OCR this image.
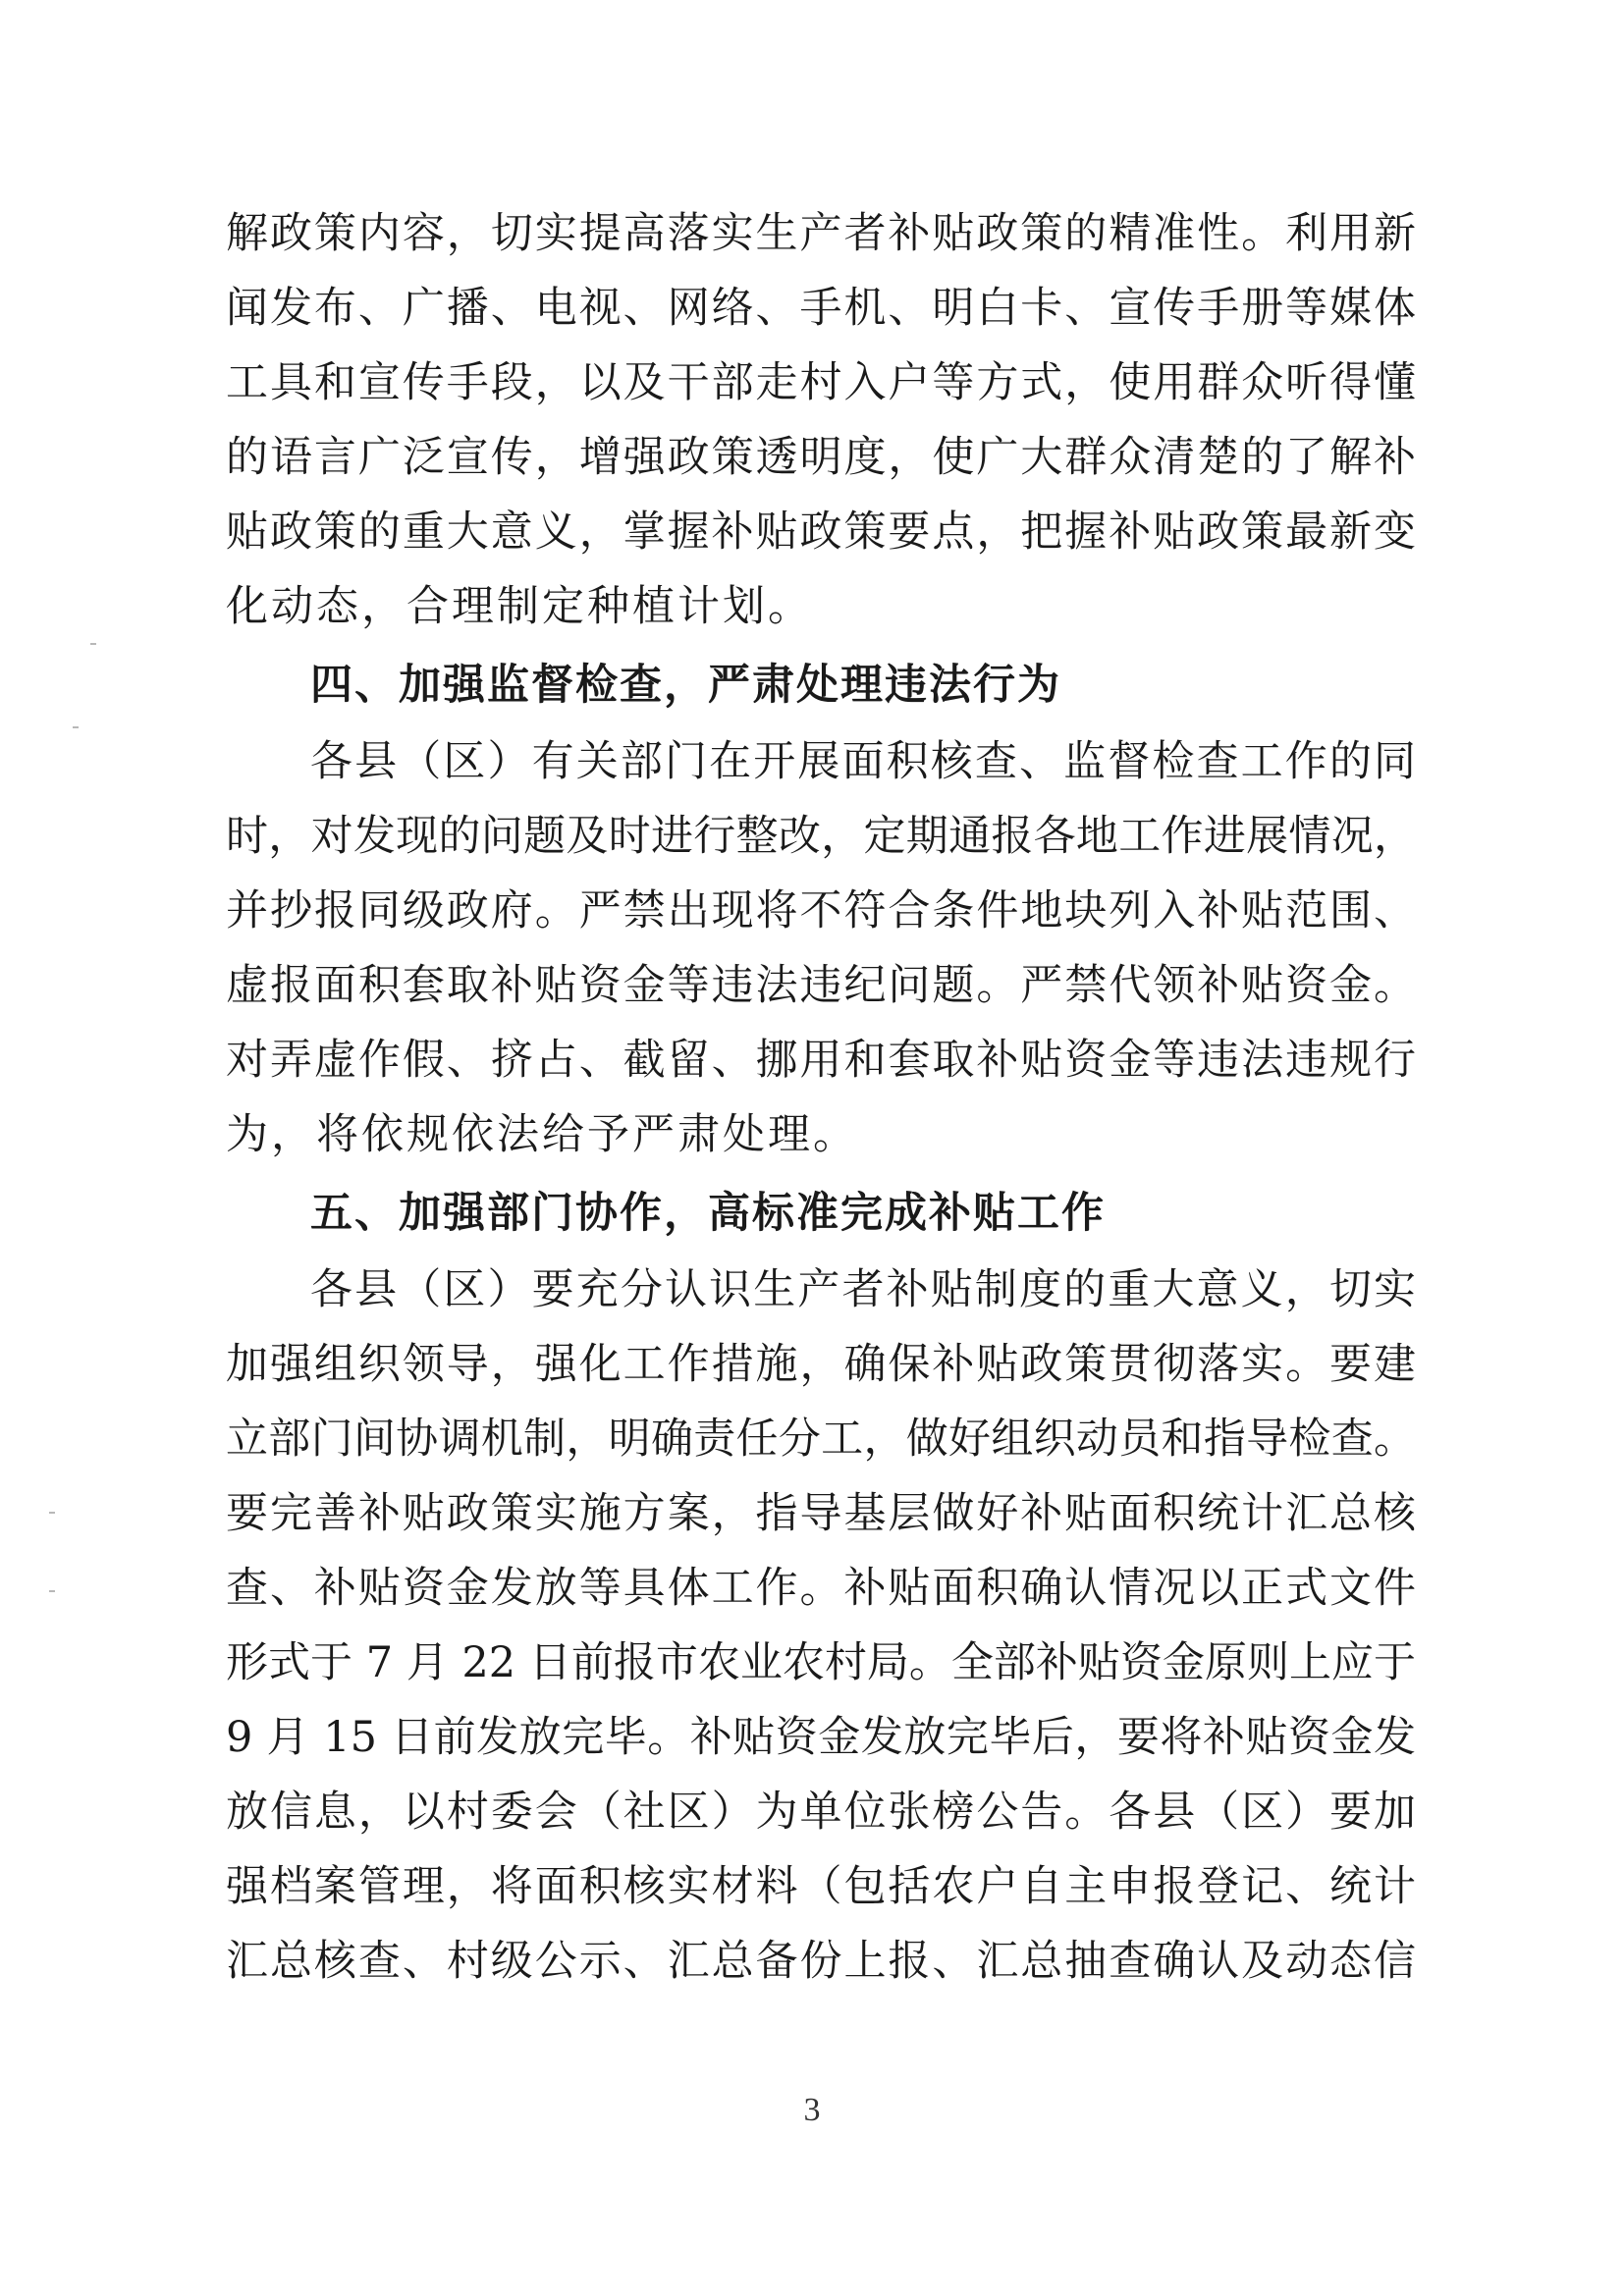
解政策内容，切实提高落实生产者补贴政策的精准性。利用新
闻发布、广播、电视、网络、手机、明白卡、宣传手册等媒体
工具和宣传手段，以及干部走村入户等方式，使用群众听得懂
的语言广泛宣传，增强政策透明度，使广大群众清楚的了解补
贴政策的重大意义，掌握补贴政策要点，把握补贴政策最新变
化动态，合理制定种植计划。
四、加强监督检查，严肃处理违法行为
各县（区）有关部门在开展面积核查、监督检查工作的同
时，对发现的问题及时进行整改，定期通报各地工作进展情况，
并抄报同级政府。严禁出现将不符合条件地块列入补贴范围、
虚报面积套取补贴资金等违法违纪问题。严禁代领补贴资金。
对弄虚作假、挤占、截留、挪用和套取补贴资金等违法违规行
为，将依规依法给予严肃处理。
五、加强部门协作，高标准完成补贴工作
各县（区）要充分认识生产者补贴制度的重大意义，切实
加强组织领导，强化工作措施，确保补贴政策贯彻落实。要建
立部门间协调机制，明确责任分工，做好组织动员和指导检查。
要完善补贴政策实施方案，指导基层做好补贴面积统计汇总核
查、补贴资金发放等具体工作。补贴面积确认情况以正式文件
形式于 7 月 22 日前报市农业农村局。全部补贴资金原则上应于
9 月 15 日前发放完毕。补贴资金发放完毕后，要将补贴资金发
放信息，以村委会（社区）为单位张榜公告。各县（区）要加
强档案管理，将面积核实材料（包括农户自主申报登记、统计
汇总核查、村级公示、汇总备份上报、汇总抽查确认及动态信
3
